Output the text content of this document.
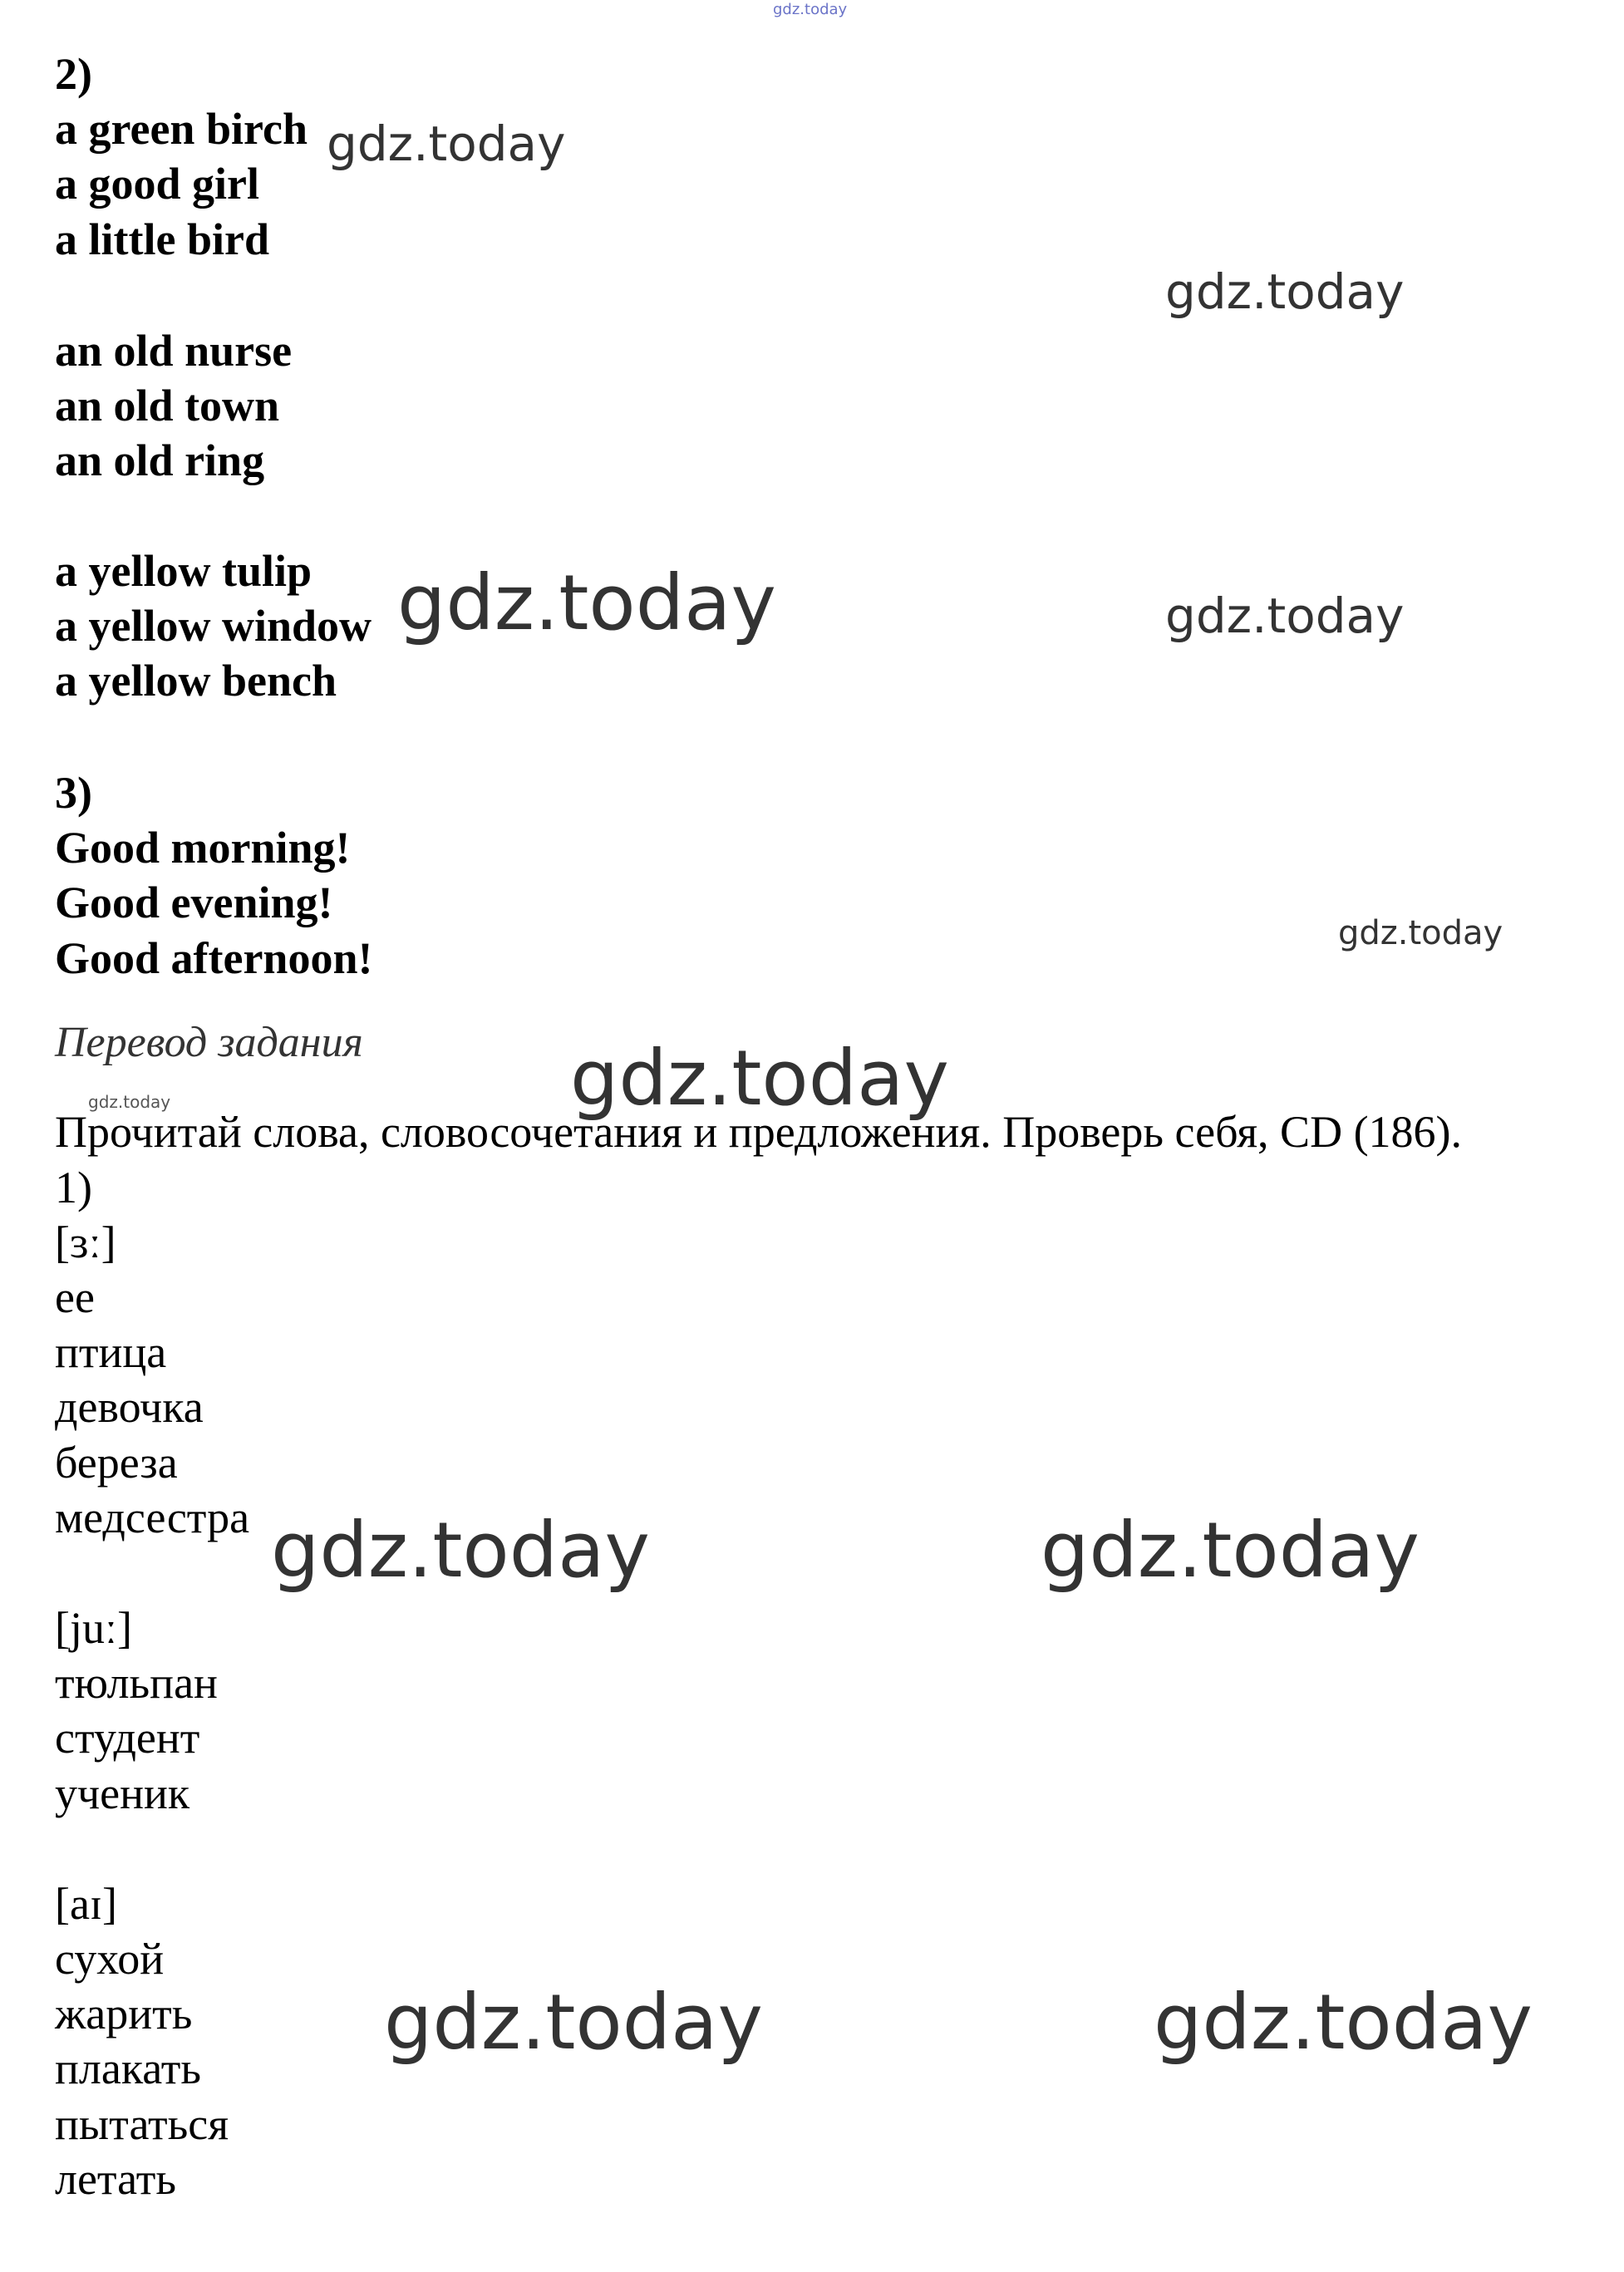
gdz.today
2)
a green birch
a good girl
a little bird
an old nurse
an old town
an old ring
a yellow tulip
a yellow window
a yellow bench
3)
Good morning!
Good evening!
Good afternoon!
Перевод задания
Прочитай слова, словосочетания и предложения. Проверь себя, CD (186).
1)
[ɜː]
ее
птица
девочка
береза
медсестра
[juː]
тюльпан
студент
ученик
[aɪ]
сухой
жарить
плакать
пытаться
летать
gdz.today
gdz.today
gdz.today	gdz.today
gdz.today
gdz.today
gdz.today
gdz.today	gdz.today
gdz.today	gdz.today
